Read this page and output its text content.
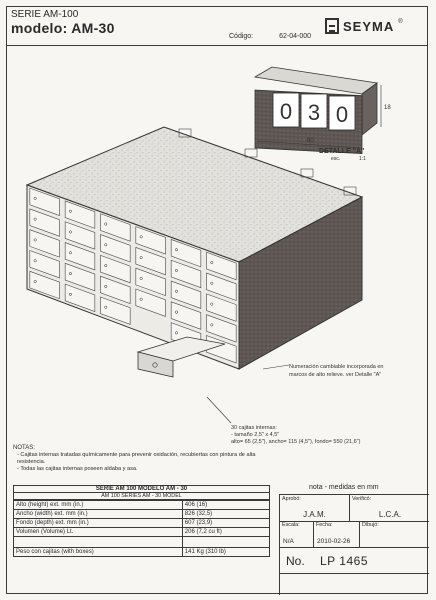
SERIE AM-100
modelo: AM-30
Código:	62-04-000
SEYMA ®
0 3 0
60
18
DETALLE "A"
esc.	1:1
Numeración cambiable incorporada en
marcos de alto relieve. ver Detalle "A"
30 cajitas internas:
- tamaño 2,5" x 4,5"
alto= 65 (2,5"), ancho= 115 (4,5"), fondo= 550 (21,6")
NOTAS:
- Cajitas internas tratadas químicamente para prevenir oxidación, recubiertas con pintura de alta resistencia.
- Todas las cajitas internas poseen aldaba y asa.
SERIE AM 100 MODELO AM - 30
AM 100 SERIES AM - 30 MODEL
Alto (height) ext. mm (in.)	406 (16)
Ancho (width) ext. mm (in.)	826 (32,5)
Fondo (depth) ext. mm (in.)	607 (23,9)
Volumen (Volume) Lt.	206 (7,2 cu ft)

Peso con cajitas (with boxes)	141 Kg (310 lb)
nota - medidas en mm
Aprobó:
J.A.M.
Verificó:
L.C.A.
Escala:
N/A
Fecha:
2010-02-26
Dibujó:
No. LP 1465
